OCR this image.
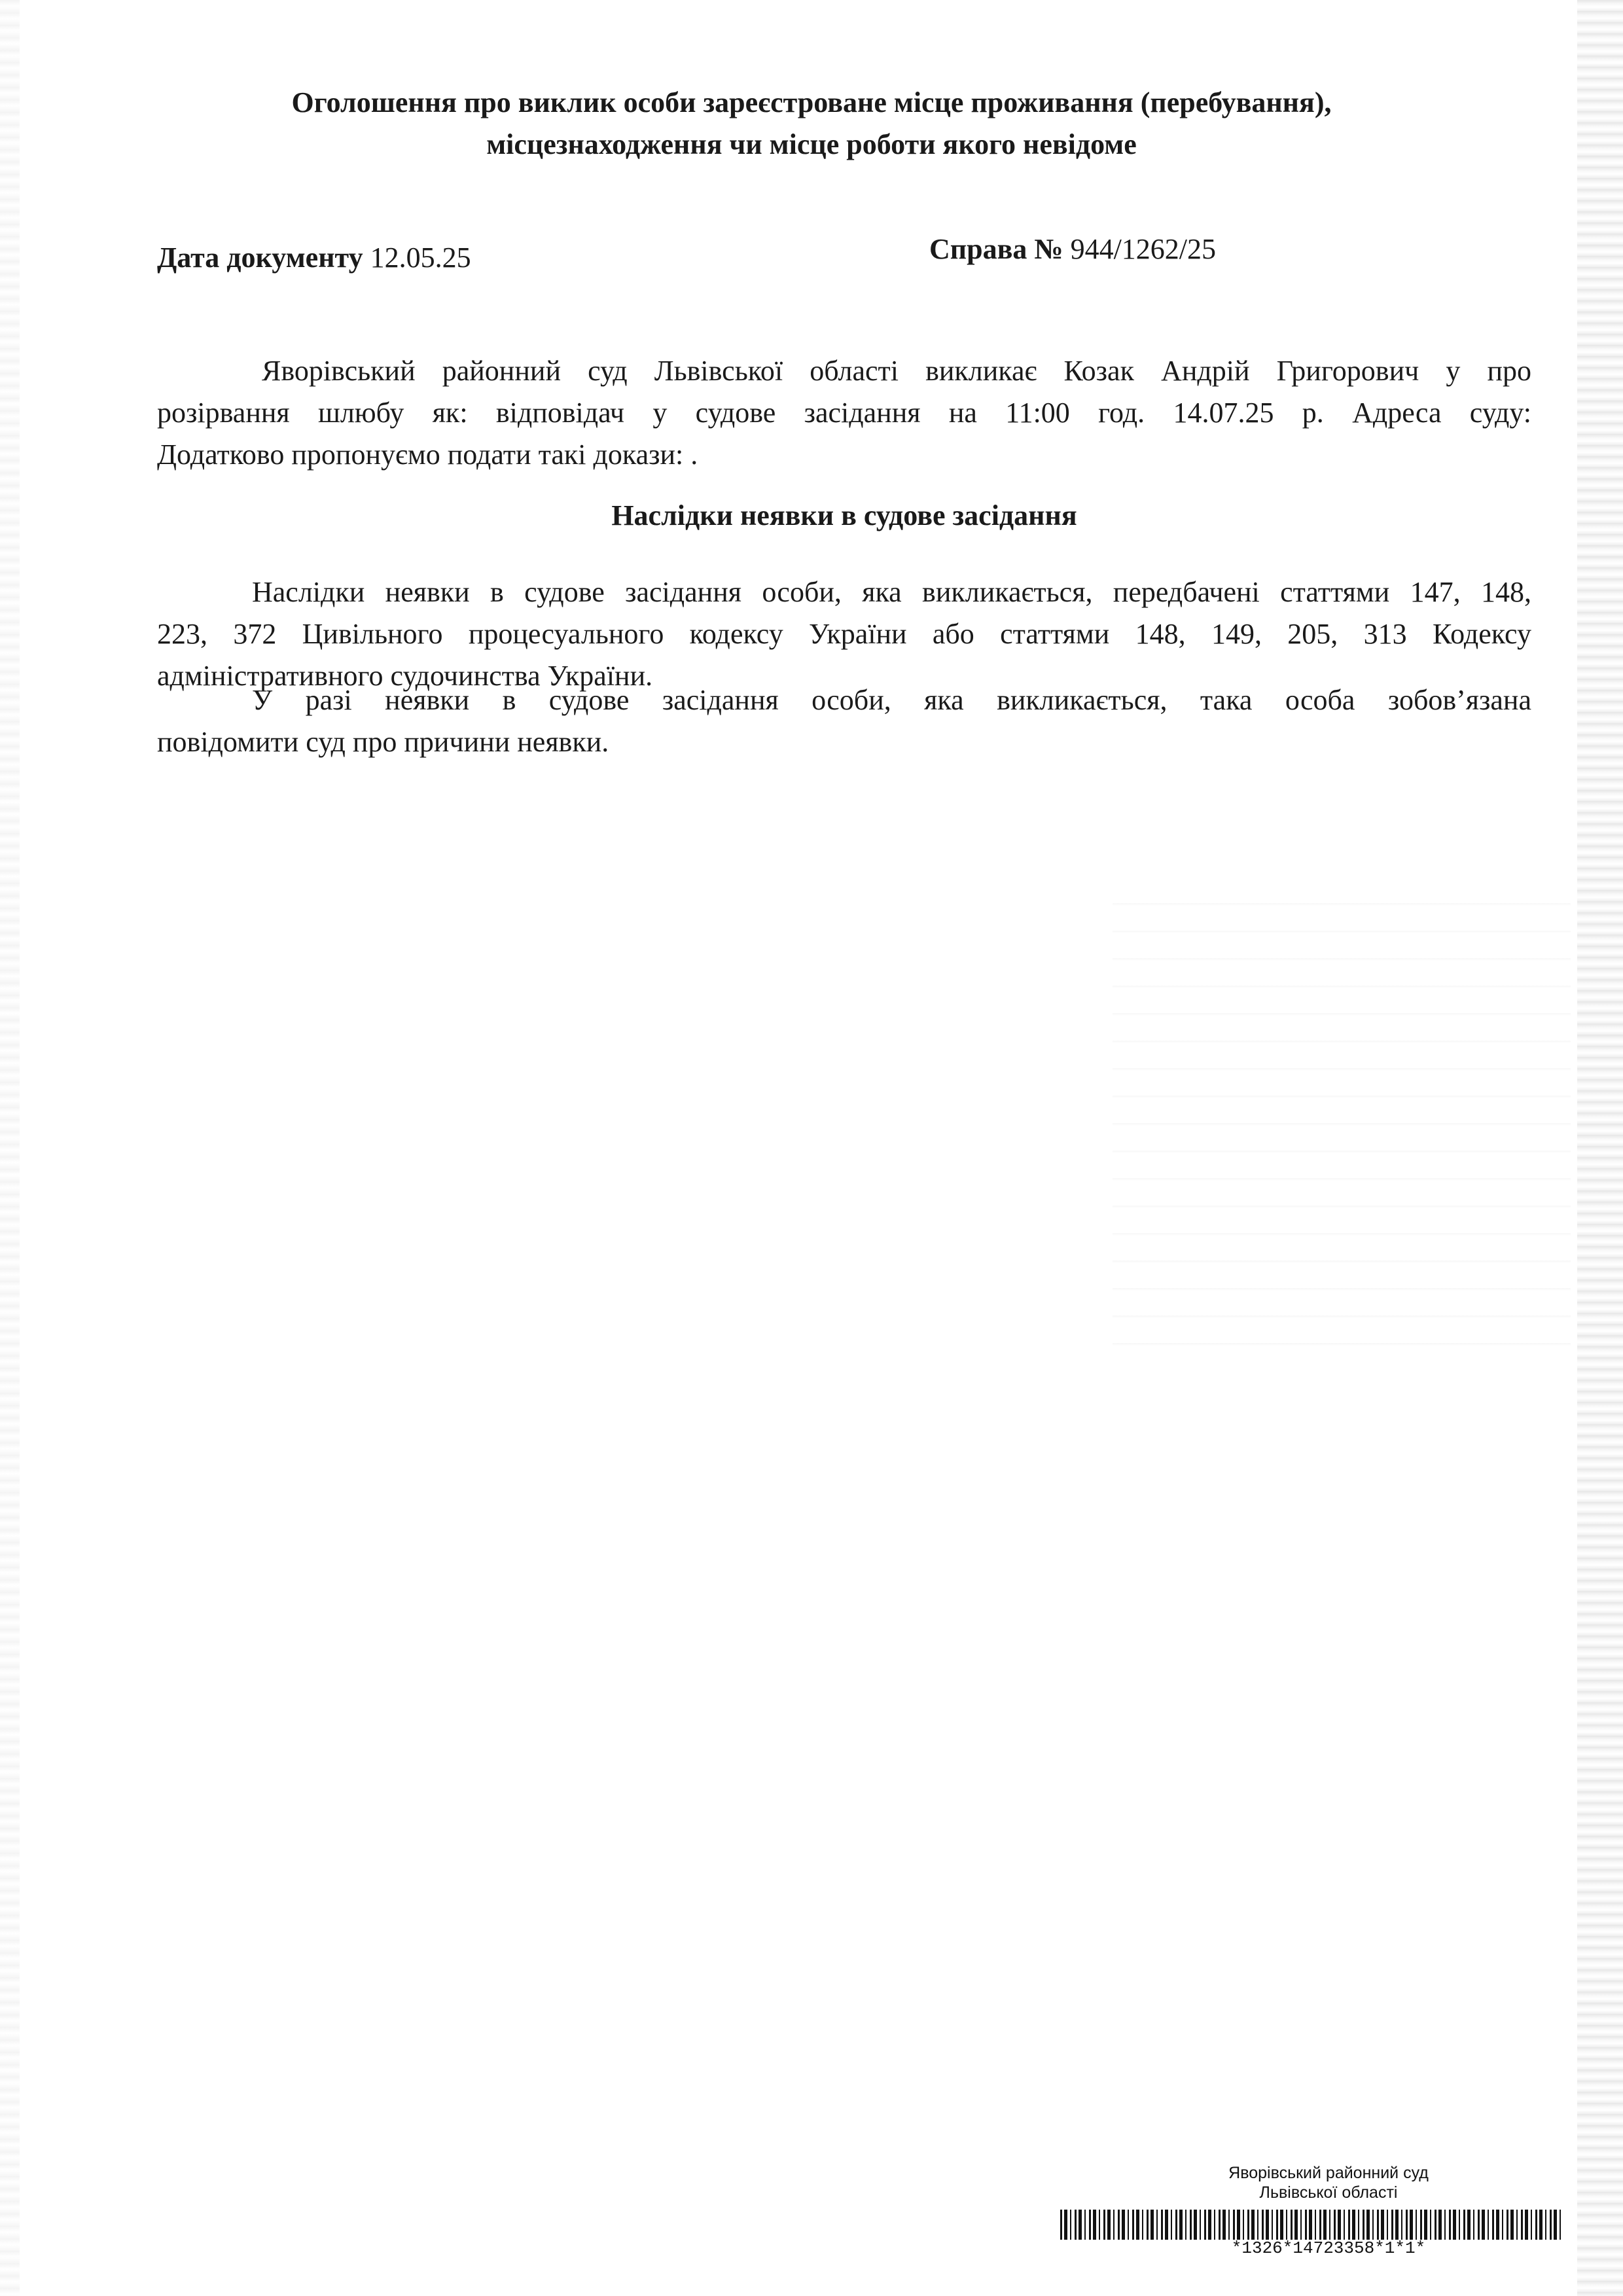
Оголошення про виклик особи зареєстроване місце проживання (перебування),
місцезнаходження чи місце роботи якого невідоме
Дата документу 12.05.25	Справа № 944/1262/25
Яворівський районний суд Львівської області викликає Козак Андрій Григорович у про
розірвання шлюбу як: відповідач у судове засідання на 11:00 год. 14.07.25 р. Адреса суду:
Додатково пропонуємо подати такі докази: .
Наслідки неявки в судове засідання
Наслідки неявки в судове засідання особи, яка викликається, передбачені статтями 147, 148,
223, 372 Цивільного процесуального кодексу України або статтями 148, 149, 205, 313 Кодексу
адміністративного судочинства України.
У разі неявки в судове засідання особи, яка викликається, така особа зобов’язана
повідомити суд про причини неявки.
Яворівський районний суд
Львівської області
*1326*14723358*1*1*
